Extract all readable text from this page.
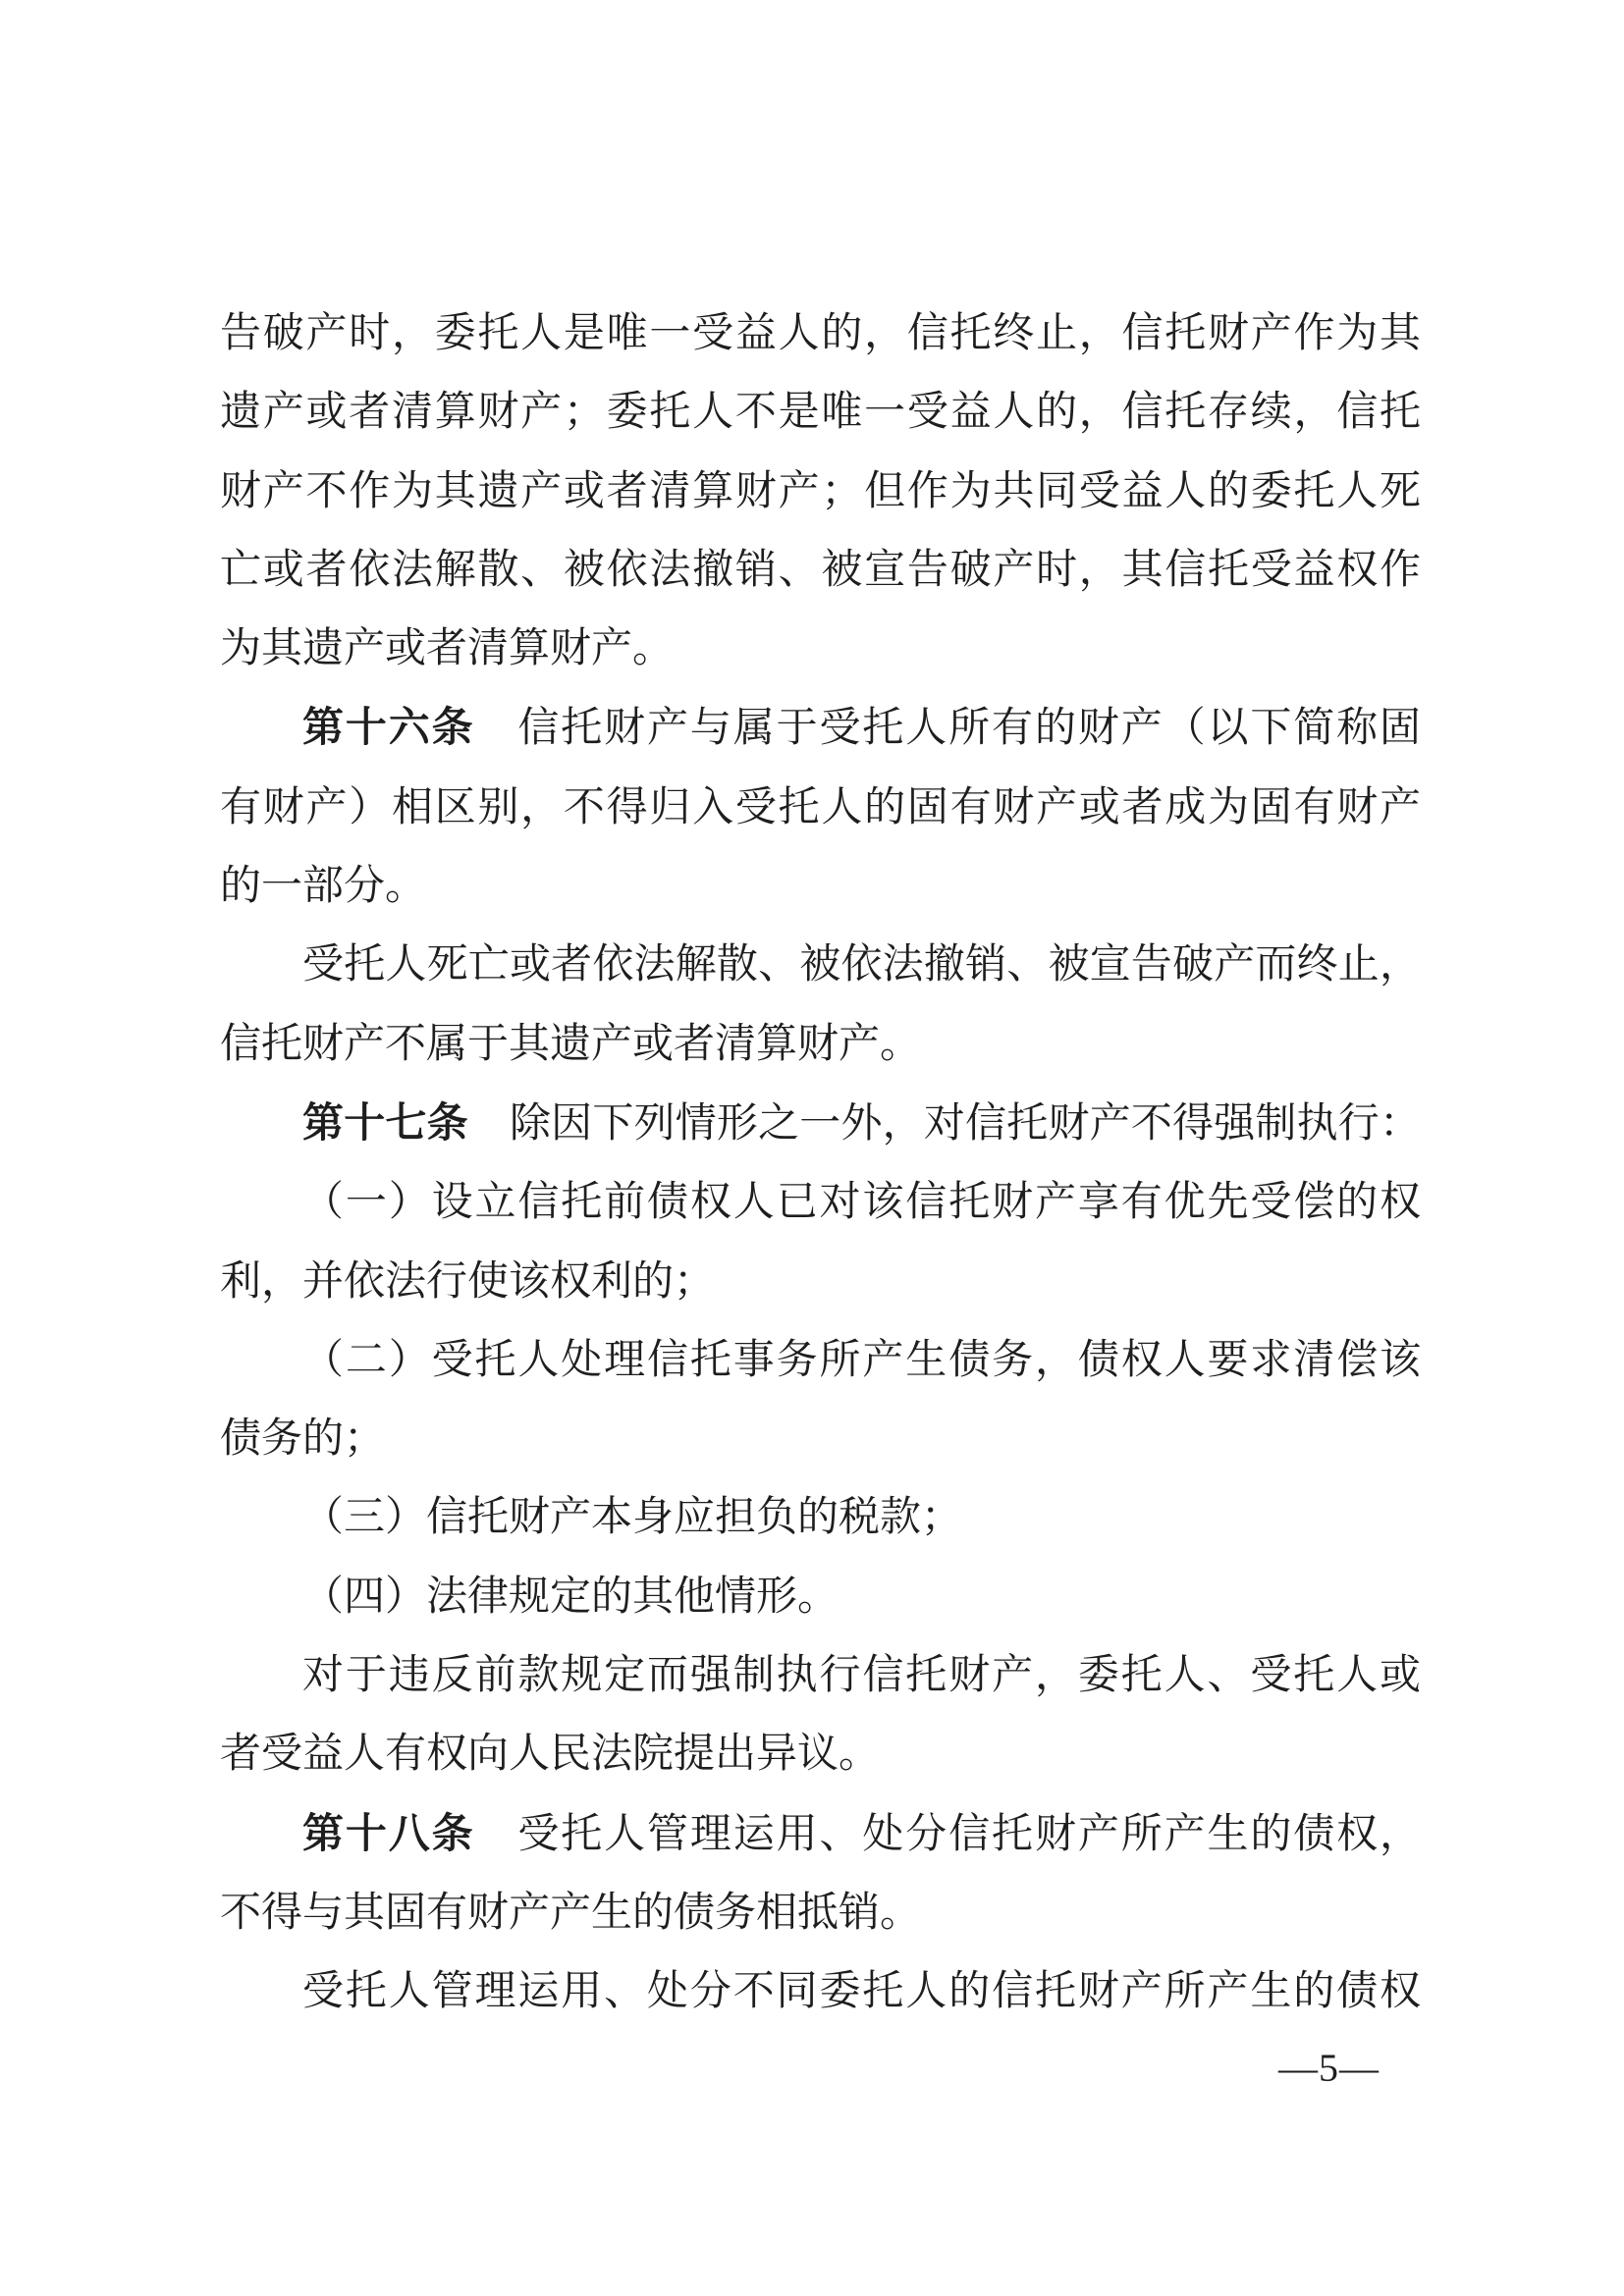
告破产时，委托人是唯一受益人的，信托终止，信托财产作为其
遗产或者清算财产；委托人不是唯一受益人的，信托存续，信托
财产不作为其遗产或者清算财产；但作为共同受益人的委托人死
亡或者依法解散、被依法撤销、被宣告破产时，其信托受益权作
为其遗产或者清算财产。
第十六条　信托财产与属于受托人所有的财产（以下简称固
有财产）相区别，不得归入受托人的固有财产或者成为固有财产
的一部分。
受托人死亡或者依法解散、被依法撤销、被宣告破产而终止，
信托财产不属于其遗产或者清算财产。
第十七条　除因下列情形之一外，对信托财产不得强制执行：
（一）设立信托前债权人已对该信托财产享有优先受偿的权
利，并依法行使该权利的；
（二）受托人处理信托事务所产生债务，债权人要求清偿该
债务的；
（三）信托财产本身应担负的税款；
（四）法律规定的其他情形。
对于违反前款规定而强制执行信托财产，委托人、受托人或
者受益人有权向人民法院提出异议。
第十八条　受托人管理运用、处分信托财产所产生的债权，
不得与其固有财产产生的债务相抵销。
受托人管理运用、处分不同委托人的信托财产所产生的债权
—5—
